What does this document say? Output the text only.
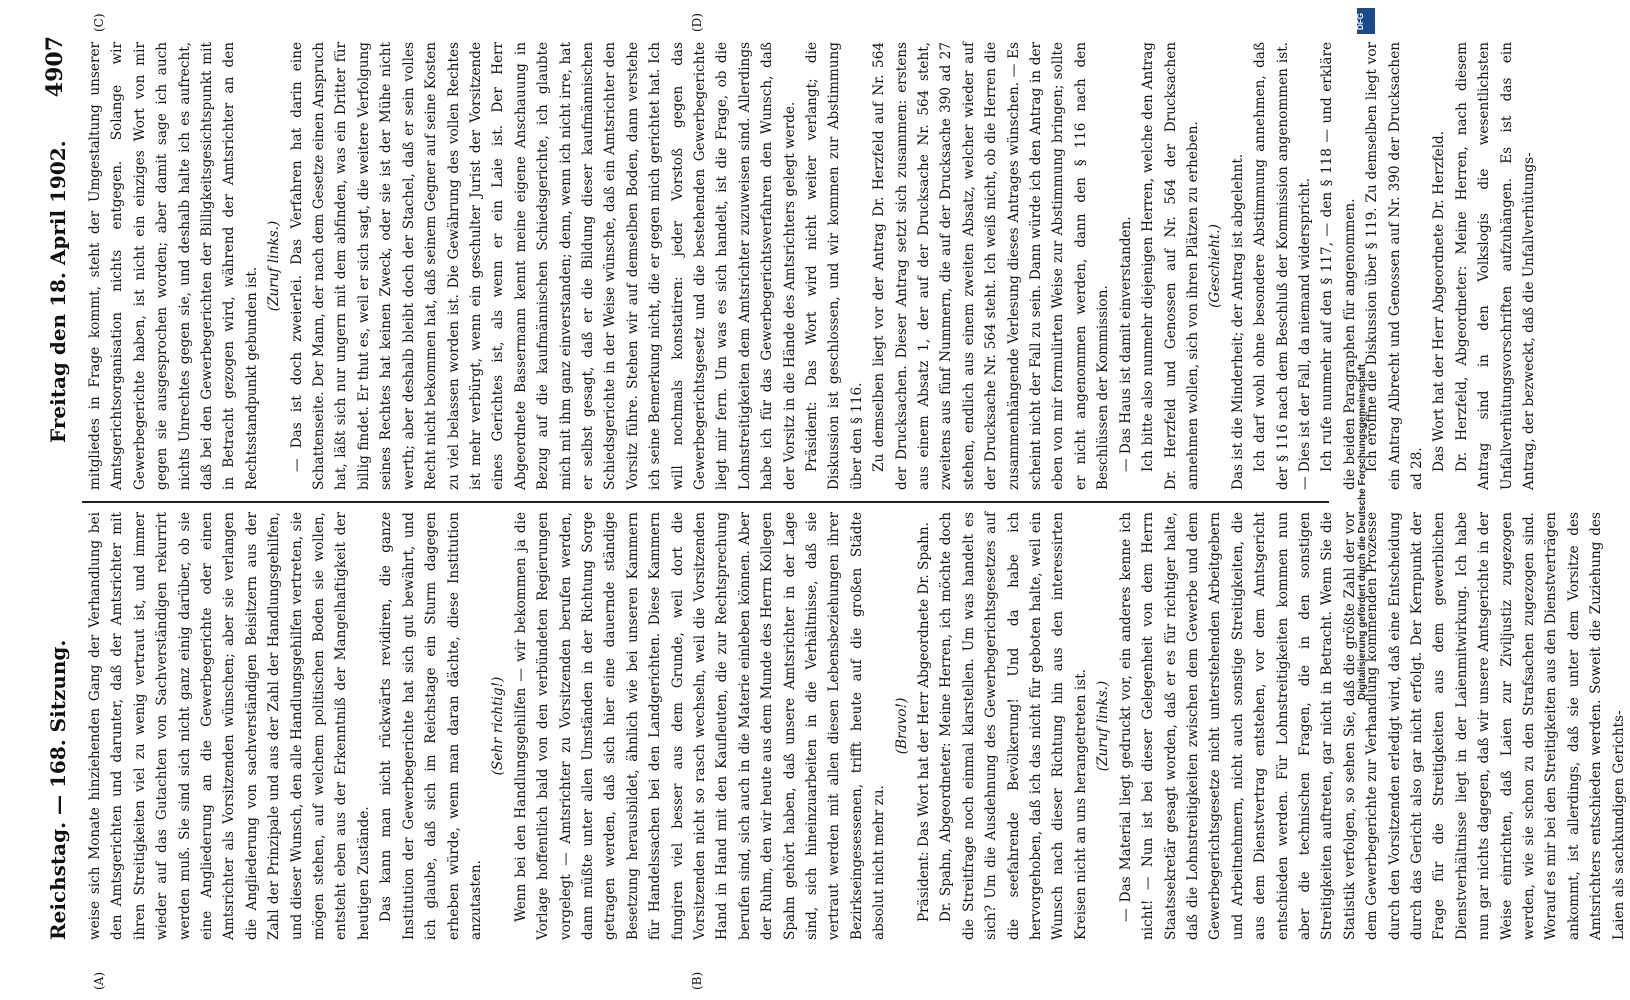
Reichstag. — 168. Sitzung.
Freitag den 18. April 1902.
4907
(A)	(B)
(C)	(D)

weise sich Monate hinziehenden Gang der Verhandlung bei den Amtsgerichten und darunter, daß der Amtsrichter mit ihren Streitigkeiten viel zu wenig vertraut ist, und immer wieder auf das Gutachten von Sachverständigen rekurrirt werden muß. Sie sind sich nicht ganz einig darüber, ob sie eine Angliederung an die Gewerbegerichte oder einen Amtsrichter als Vorsitzenden wünschen; aber sie verlangen die Angliederung von sachverständigen Beisitzern aus der Zahl der Prinzipale und aus der Zahl der Handlungsgehilfen, und dieser Wunsch, den alle Handlungsgehilfen vertreten, sie mögen stehen, auf welchem politischen Boden sie wollen, entsteht eben aus der Erkenntniß der Mangelhaftigkeit der heutigen Zustände. Das kann man nicht rückwärts revidiren, die ganze Institution der Gewerbegerichte hat sich gut bewährt, und ich glaube, daß sich im Reichstage ein Sturm dagegen erheben würde, wenn man daran dächte, diese Institution anzutasten.

(Sehr richtig!) Wenn bei den Handlungsgehilfen — wir bekommen ja die Vorlage hoffentlich bald von den verbündeten Regierungen vorgelegt — Amtsrichter zu Vorsitzenden berufen werden, dann müßte unter allen Umständen in der Richtung Sorge getragen werden, daß sich hier eine dauernde ständige Besetzung herausbildet, ähnlich wie bei unseren Kammern für Handelssachen bei den Landgerichten. Diese Kammern fungiren viel besser aus dem Grunde, weil dort die Vorsitzenden nicht so rasch wechseln, weil die Vorsitzenden Hand in Hand mit den Kaufleuten, die zur Rechtsprechung berufen sind, sich auch in die Materie einleben können. Aber der Ruhm, den wir heute aus dem Munde des Herrn Kollegen Spahn gehört haben, daß unsere Amtsrichter in der Lage sind, sich hineinzuarbeiten in die Verhältnisse, daß sie vertraut werden mit allen diesen Lebensbeziehungen ihrer Bezirkseingesessenen, trifft heute auf die großen Städte absolut nicht mehr zu.

(Bravo!) Präsident: Das Wort hat der Herr Abgeordnete Dr. Spahn. Dr. Spahn, Abgeordneter: Meine Herren, ich möchte doch die Streitfrage noch einmal klarstellen. Um was handelt es sich? Um die Ausdehnung des Gewerbegerichtsgesetzes auf die seefahrende Bevölkerung! Und da habe ich hervorgehoben, daß ich das nicht für geboten halte, weil ein Wunsch nach dieser Richtung hin aus den interessirten Kreisen nicht an uns herangetreten ist. (Zuruf links.) — Das Material liegt gedruckt vor, ein anderes kenne ich nicht! — Nun ist bei dieser Gelegenheit von dem Herrn Staatssekretär gesagt worden, daß er es für richtiger halte, daß die Lohnstreitigkeiten zwischen dem Gewerbe und dem Gewerbegerichtsgesetze nicht unterstehenden Arbeitgebern und Arbeitnehmern, nicht auch sonstige Streitigkeiten, die aus dem Dienstvertrag entstehen, vor dem Amtsgericht entschieden werden. Für Lohnstreitigkeiten kommen nun aber die technischen Fragen, die in den sonstigen Streitigkeiten auftreten, gar nicht in Betracht. Wenn Sie die Statistik verfolgen, so sehen Sie, daß die größte Zahl der vor dem Gewerbegerichte zur Verhandlung kommenden Prozesse durch den Vorsitzenden erledigt wird, daß eine Entscheidung durch das Gericht also gar nicht erfolgt. Der Kernpunkt der Frage für die Streitigkeiten aus dem gewerblichen Dienstverhältnisse liegt in der Laienmitwirkung. Ich habe nun gar nichts dagegen, daß wir unsere Amtsgerichte in der Weise einrichten, daß Laien zur Ziviljustiz zugezogen werden, wie sie schon zu den Strafsachen zugezogen sind. Worauf es mir bei den Streitigkeiten aus den Dienstverträgen ankommt, ist allerdings, daß sie unter dem Vorsitze des Amtsrichters entschieden werden. Soweit die Zuziehung des Laien als sachkundigen Gerichts-

mitgliedes in Frage kommt, steht der Umgestaltung unserer Amtsgerichtsorganisation nichts entgegen. Solange wir Gewerbegerichte haben, ist nicht ein einziges Wort von mir gegen sie ausgesprochen worden; aber damit sage ich auch nichts Unrechtes gegen sie, und deshalb halte ich es aufrecht, daß bei den Gewerbegerichten der Billigkeitsgesichtspunkt mit in Betracht gezogen wird, während der Amtsrichter an den Rechtsstandpunkt gebunden ist.

(Zuruf links.) — Das ist doch zweierlei. Das Verfahren hat darin eine Schattenseite. Der Mann, der nach dem Gesetze einen Anspruch hat, läßt sich nur ungern mit dem abfinden, was ein Dritter für billig findet. Er thut es, weil er sich sagt, die weitere Verfolgung seines Rechtes hat keinen Zweck, oder sie ist der Mühe nicht werth; aber deshalb bleibt doch der Stachel, daß er sein volles Recht nicht bekommen hat, daß seinem Gegner auf seine Kosten zu viel belassen worden ist. Die Gewährung des vollen Rechtes ist mehr verbürgt, wenn ein geschulter Jurist der Vorsitzende eines Gerichtes ist, als wenn er ein Laie ist. Der Herr Abgeordnete Bassermann kennt meine eigene Anschauung in Bezug auf die kaufmännischen Schiedsgerichte, ich glaubte mich mit ihm ganz einverstanden; denn, wenn ich nicht irre, hat er selbst gesagt, daß er die Bildung dieser kaufmännischen Schiedsgerichte in der Weise wünsche, daß ein Amtsrichter den Vorsitz führe. Stehen wir auf demselben Boden, dann verstehe ich seine Bemerkung nicht, die er gegen mich gerichtet hat. Ich will nochmals konstatiren: jeder Vorstoß gegen das Gewerbegerichtsgesetz und die bestehenden Gewerbegerichte liegt mir fern. Um was es sich handelt, ist die Frage, ob die Lohnstreitigkeiten dem Amtsrichter zuzuweisen sind. Allerdings habe ich für das Gewerbegerichtsverfahren den Wunsch, daß der Vorsitz in die Hände des Amtsrichters gelegt werde. Präsident: Das Wort wird nicht weiter verlangt; die Diskussion ist geschlossen, und wir kommen zur Abstimmung über den § 116. Zu demselben liegt vor der Antrag Dr. Herzfeld auf Nr. 564 der Drucksachen. Dieser Antrag setzt sich zusammen: erstens aus einem Absatz 1, der auf der Drucksache Nr. 564 steht, zweitens aus fünf Nummern, die auf der Drucksache 390 ad 27 stehen, endlich aus einem zweiten Absatz, welcher wieder auf der Drucksache Nr. 564 steht. Ich weiß nicht, ob die Herren die zusammenhängende Verlesung dieses Antrages wünschen. — Es scheint nicht der Fall zu sein. Dann würde ich den Antrag in der eben von mir formulirten Weise zur Abstimmung bringen; sollte er nicht angenommen werden, dann den § 116 nach den Beschlüssen der Kommission. — Das Haus ist damit einverstanden. Ich bitte also nunmehr diejenigen Herren, welche den Antrag Dr. Herzfeld und Genossen auf Nr. 564 der Drucksachen annehmen wollen, sich von ihren Plätzen zu erheben. (Geschieht.) Das ist die Minderheit; der Antrag ist abgelehnt. Ich darf wohl ohne besondere Abstimmung annehmen, daß der § 116 nach dem Beschluß der Kommission angenommen ist. — Dies ist der Fall, da niemand widerspricht. Ich rufe nunmehr auf den § 117, — den § 118 — und erkläre die beiden Paragraphen für angenommen. Ich eröffne die Diskussion über § 119. Zu demselben liegt vor ein Antrag Albrecht und Genossen auf Nr. 390 der Drucksachen ad 28. Das Wort hat der Herr Abgeordnete Dr. Herzfeld. Dr. Herzfeld, Abgeordneter: Meine Herren, nach diesem Antrag sind in den Volkslogis die wesentlichsten Unfallverhütungsvorschriften aufzuhängen. Es ist das ein Antrag, der bezweckt, daß die Unfallverhütungs-

DFG
Digitalisierung gefördert durch die Deutsche Forschungsgemeinschaft
